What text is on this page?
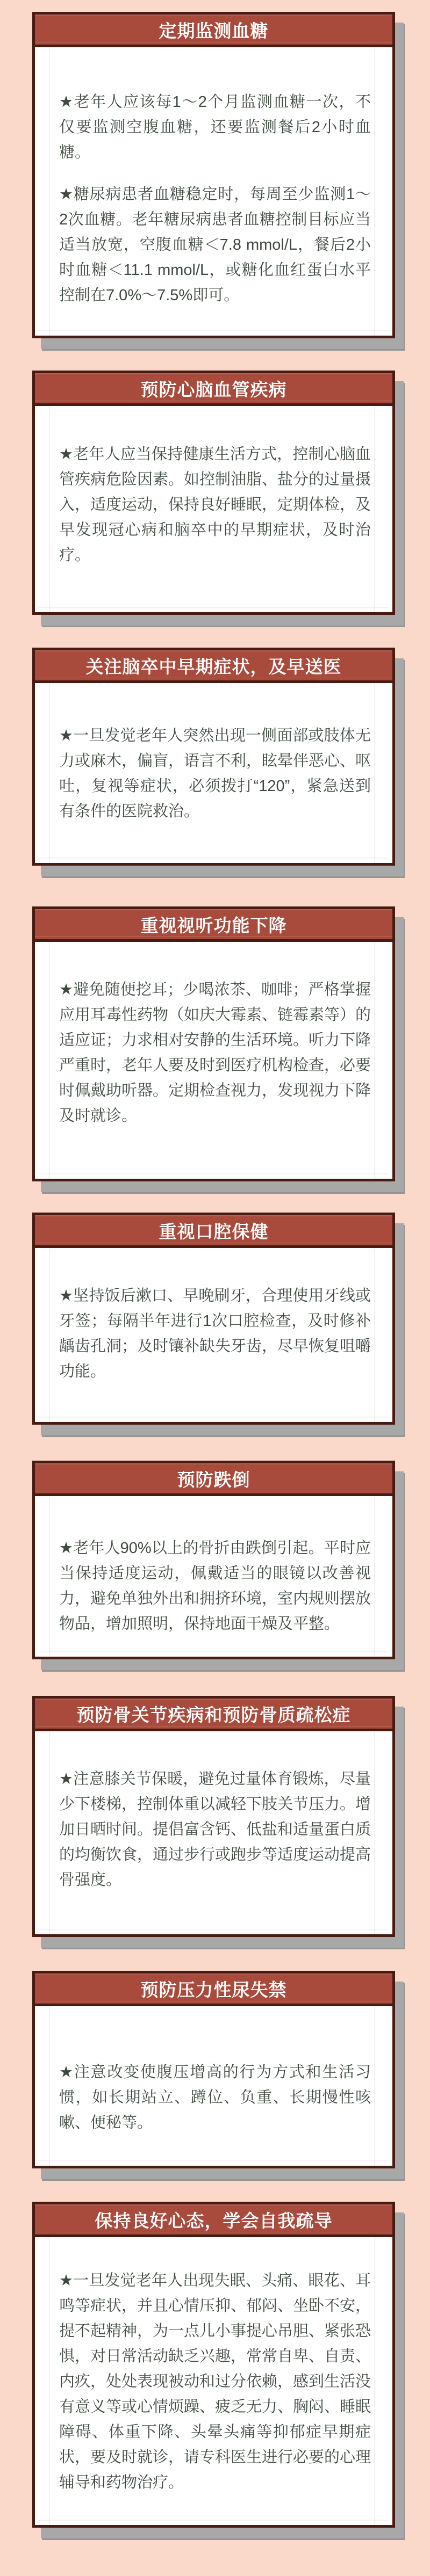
定期监测血糖

★老年人应该每1～2个月监测血糖一次，不仅要监测空腹血糖，还要监测餐后2小时血糖。

★糖尿病患者血糖稳定时，每周至少监测1～2次血糖。老年糖尿病患者血糖控制目标应当适当放宽，空腹血糖＜7.8 mmol/L，餐后2小时血糖＜11.1 mmol/L，或糖化血红蛋白水平控制在7.0%～7.5%即可。

预防心脑血管疾病

★老年人应当保持健康生活方式，控制心脑血管疾病危险因素。如控制油脂、盐分的过量摄入，适度运动，保持良好睡眠，定期体检，及早发现冠心病和脑卒中的早期症状，及时治疗。

关注脑卒中早期症状，及早送医

★一旦发觉老年人突然出现一侧面部或肢体无力或麻木，偏盲，语言不利，眩晕伴恶心、呕吐，复视等症状，必须拨打“120”，紧急送到有条件的医院救治。

重视视听功能下降

★避免随便挖耳；少喝浓茶、咖啡；严格掌握应用耳毒性药物（如庆大霉素、链霉素等）的适应证；力求相对安静的生活环境。听力下降严重时，老年人要及时到医疗机构检查，必要时佩戴助听器。定期检查视力，发现视力下降及时就诊。

重视口腔保健

★坚持饭后漱口、早晚刷牙，合理使用牙线或牙签；每隔半年进行1次口腔检查，及时修补龋齿孔洞；及时镶补缺失牙齿，尽早恢复咀嚼功能。

预防跌倒

★老年人90%以上的骨折由跌倒引起。平时应当保持适度运动，佩戴适当的眼镜以改善视力，避免单独外出和拥挤环境，室内规则摆放物品，增加照明，保持地面干燥及平整。

预防骨关节疾病和预防骨质疏松症

★注意膝关节保暖，避免过量体育锻炼，尽量少下楼梯，控制体重以减轻下肢关节压力。增加日晒时间。提倡富含钙、低盐和适量蛋白质的均衡饮食，通过步行或跑步等适度运动提高骨强度。

预防压力性尿失禁

★注意改变使腹压增高的行为方式和生活习惯，如长期站立、蹲位、负重、长期慢性咳嗽、便秘等。

保持良好心态，学会自我疏导

★一旦发觉老年人出现失眠、头痛、眼花、耳鸣等症状，并且心情压抑、郁闷、坐卧不安，提不起精神，为一点儿小事提心吊胆、紧张恐惧，对日常活动缺乏兴趣，常常自卑、自责、内疚，处处表现被动和过分依赖，感到生活没有意义等或心情烦躁、疲乏无力、胸闷、睡眠障碍、体重下降、头晕头痛等抑郁症早期症状，要及时就诊，请专科医生进行必要的心理辅导和药物治疗。
